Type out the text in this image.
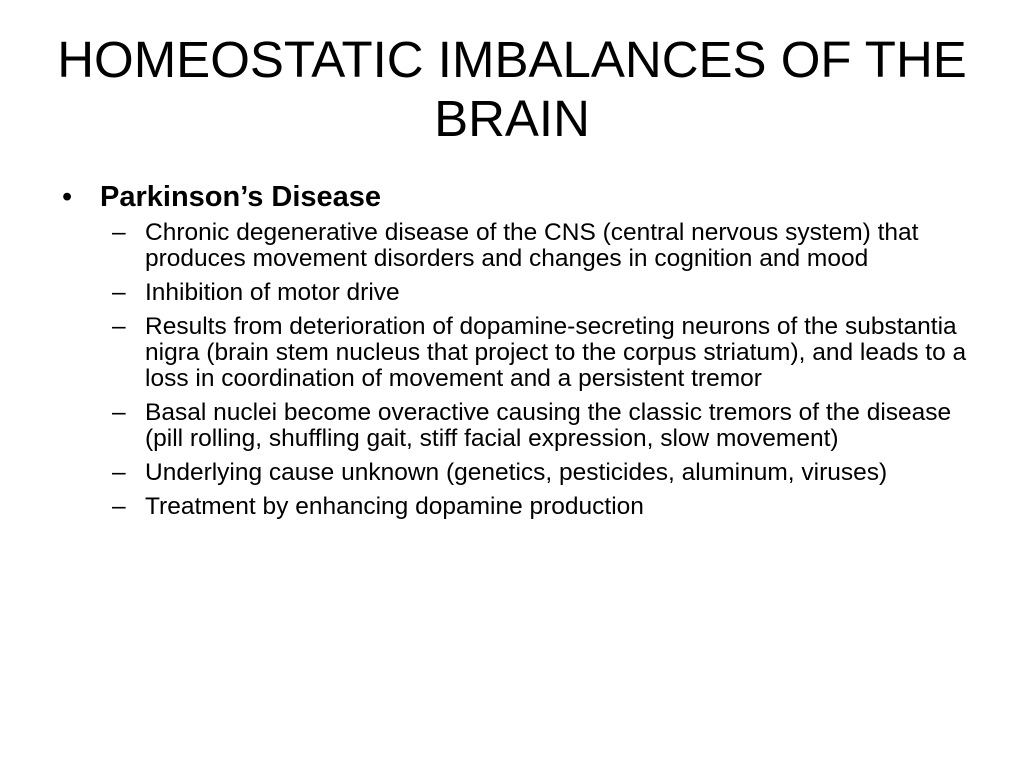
HOMEOSTATIC IMBALANCES OF THE BRAIN
• Parkinson’s Disease
– Chronic degenerative disease of the CNS (central nervous system) that produces movement disorders and changes in cognition and mood
– Inhibition of motor drive
– Results from deterioration of dopamine-secreting neurons of the substantia nigra (brain stem nucleus that project to the corpus striatum), and leads to a loss in coordination of movement and a persistent tremor
– Basal nuclei become overactive causing the classic tremors of the disease (pill rolling, shuffling gait, stiff facial expression, slow movement)
– Underlying cause unknown (genetics, pesticides, aluminum, viruses)
– Treatment by enhancing dopamine production
